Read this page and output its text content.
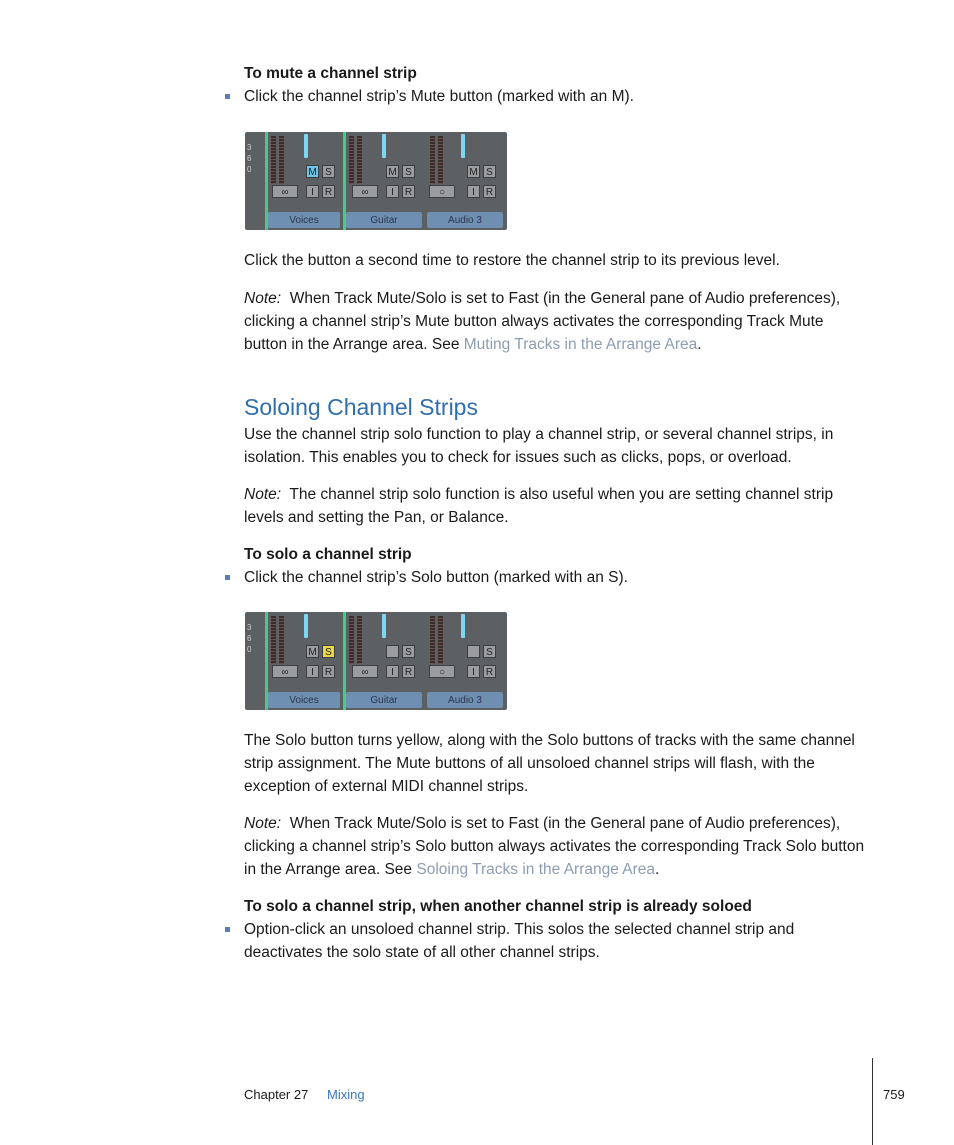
To mute a channel strip
Click the channel strip’s Mute button (marked with an M).
3
6
0	M S
∞	I	R
Voices
M S
∞	I	R
Guitar
M S
○	I	R
Audio 3
Click the button a second time to restore the channel strip to its previous level.
Note: When Track Mute/Solo is set to Fast (in the General pane of Audio preferences),
clicking a channel strip’s Mute button always activates the corresponding Track Mute
button in the Arrange area. See Muting Tracks in the Arrange Area.
Soloing Channel Strips
Use the channel strip solo function to play a channel strip, or several channel strips, in
isolation. This enables you to check for issues such as clicks, pops, or overload.
Note: The channel strip solo function is also useful when you are setting channel strip
levels and setting the Pan, or Balance.
To solo a channel strip
Click the channel strip’s Solo button (marked with an S).
3
6
0	M S
∞	I	R
Voices
S
∞	I	R
Guitar
S
○	I	R
Audio 3
The Solo button turns yellow, along with the Solo buttons of tracks with the same channel
strip assignment. The Mute buttons of all unsoloed channel strips will flash, with the
exception of external MIDI channel strips.
Note: When Track Mute/Solo is set to Fast (in the General pane of Audio preferences),
clicking a channel strip’s Solo button always activates the corresponding Track Solo button
in the Arrange area. See Soloing Tracks in the Arrange Area.
To solo a channel strip, when another channel strip is already soloed
Option-click an unsoloed channel strip. This solos the selected channel strip and
deactivates the solo state of all other channel strips.
Chapter 27 Mixing	759
